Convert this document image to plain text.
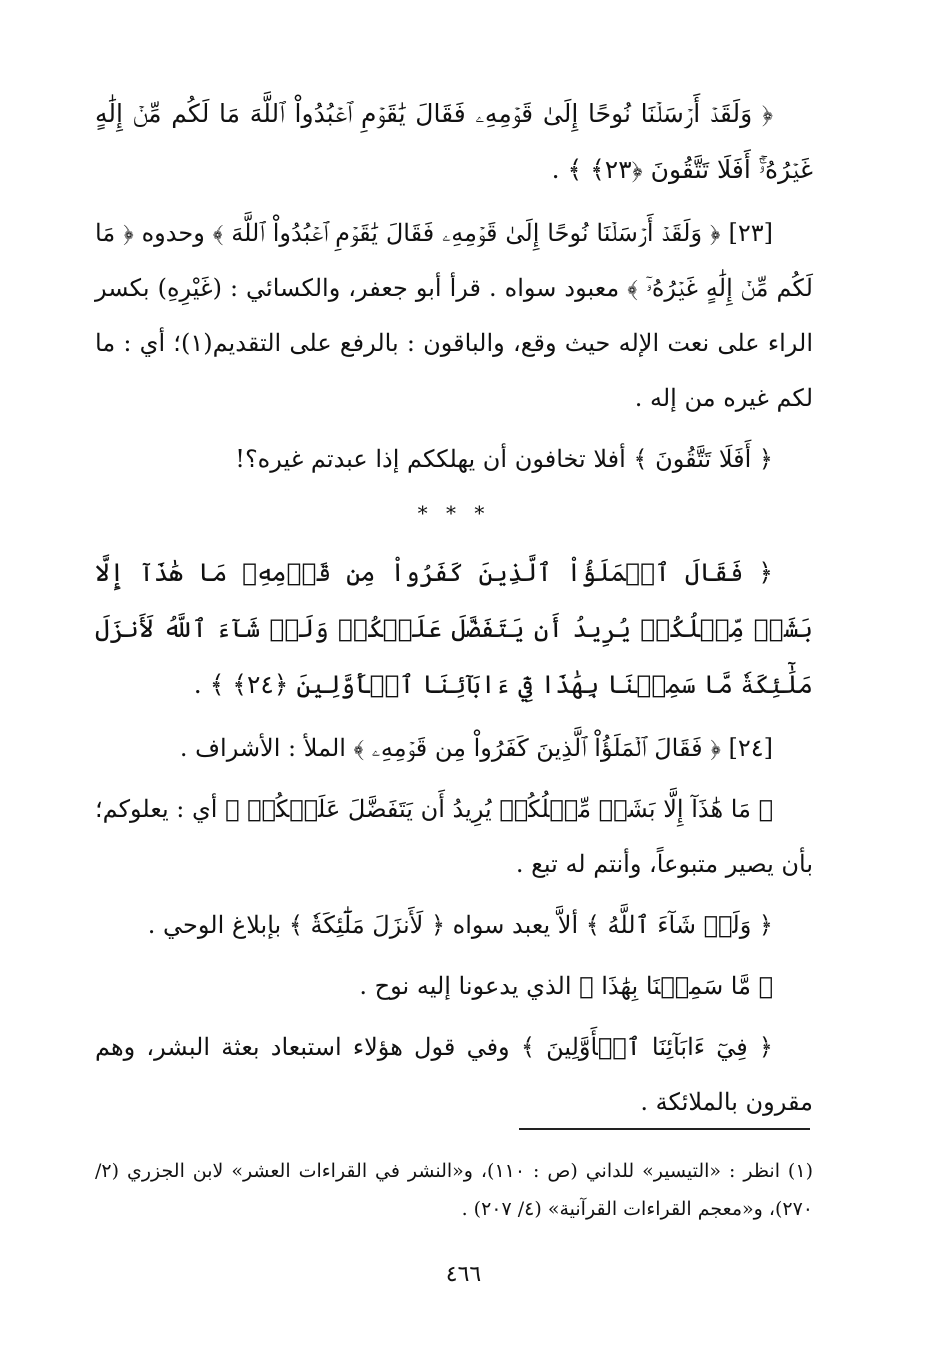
﴿ وَلَقَدۡ أَرۡسَلۡنَا نُوحًا إِلَىٰ قَوۡمِهِۦ فَقَالَ يَٰقَوۡمِ ٱعۡبُدُواْ ٱللَّهَ مَا لَكُم مِّنۡ إِلَٰهٍ غَيۡرُهُۥٓۚ أَفَلَا تَتَّقُونَ ﴿٢٣﴾ ﴾ .

[٢٣] ﴿ وَلَقَدۡ أَرۡسَلۡنَا نُوحًا إِلَىٰ قَوۡمِهِۦ فَقَالَ يَٰقَوۡمِ ٱعۡبُدُواْ ٱللَّهَ ﴾ وحدوه ﴿ مَا لَكُم مِّنۡ إِلَٰهٍ غَيۡرُهُۥٓ ﴾ معبود سواه . قرأ أبو جعفر، والكسائي : (غَيْرِهِ) بكسر الراء على نعت الإله حيث وقع، والباقون : بالرفع على التقديم(١)؛ أي : ما لكم غيره من إله .

﴿ أَفَلَا تَتَّقُونَ ﴾ أفلا تخافون أن يهلككم إذا عبدتم غيره؟!

* * *

﴿ فَقَالَ ٱلۡمَلَؤُاْ ٱلَّذِينَ كَفَرُواْ مِن قَوۡمِهِۦ مَا هَٰذَآ إِلَّا بَشَرٞ مِّثۡلُكُمۡ يُرِيدُ أَن يَتَفَضَّلَ عَلَيۡكُمۡ وَلَوۡ شَآءَ ٱللَّهُ لَأَنزَلَ مَلَٰٓئِكَةٗ مَّا سَمِعۡنَا بِهَٰذَا فِيٓ ءَابَآئِنَا ٱلۡأَوَّلِينَ ﴿٢٤﴾ ﴾ .

[٢٤] ﴿ فَقَالَ ٱلۡمَلَؤُاْ ٱلَّذِينَ كَفَرُواْ مِن قَوۡمِهِۦ ﴾ الملأ : الأشراف .

﴿ مَا هَٰذَآ إِلَّا بَشَرٞ مِّثۡلُكُمۡ يُرِيدُ أَن يَتَفَضَّلَ عَلَيۡكُمۡ ﴾ أي : يعلوكم؛ بأن يصير متبوعاً، وأنتم له تبع .

﴿ وَلَوۡ شَآءَ ٱللَّهُ ﴾ ألاَّ يعبد سواه ﴿ لَأَنزَلَ مَلَٰٓئِكَةٗ ﴾ بإبلاغ الوحي .

﴿ مَّا سَمِعۡنَا بِهَٰذَا ﴾ الذي يدعونا إليه نوح .

﴿ فِيٓ ءَابَآئِنَا ٱلۡأَوَّلِينَ ﴾ وفي قول هؤلاء استبعاد بعثة البشر، وهم مقرون بالملائكة .

(١) انظر : «التيسير» للداني (ص : ١١٠)، و«النشر في القراءات العشر» لابن الجزري (٢/ ٢٧٠)، و«معجم القراءات القرآنية» (٤/ ٢٠٧) .

٤٦٦
